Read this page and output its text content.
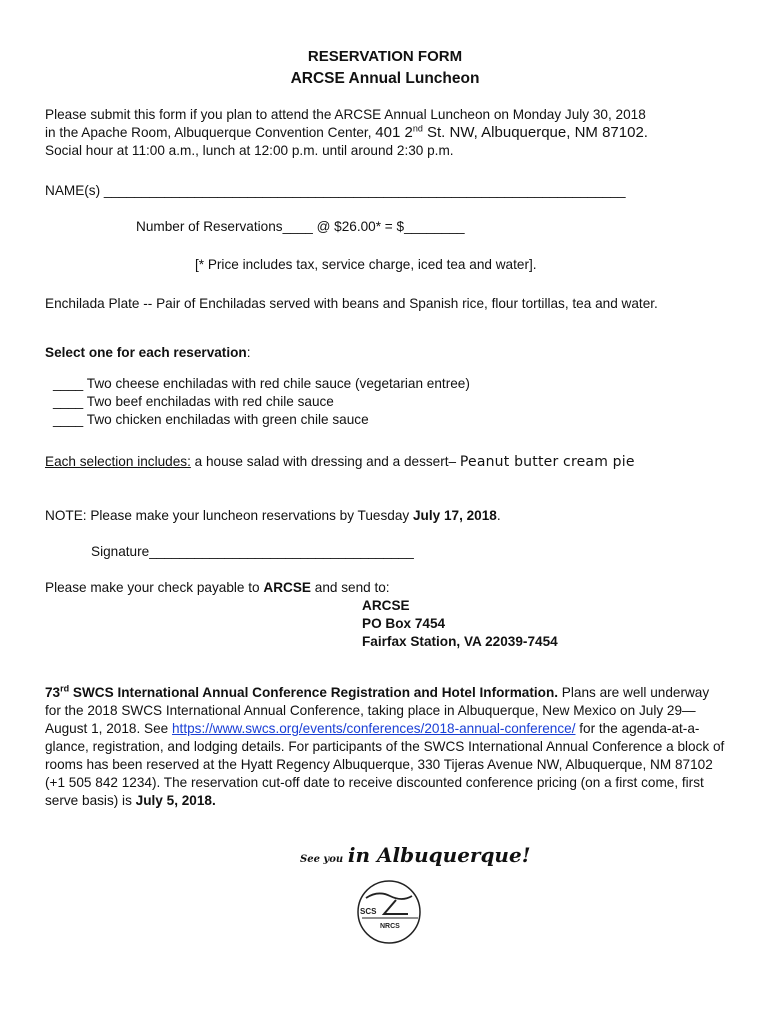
RESERVATION FORM
ARCSE Annual Luncheon
Please submit this form if you plan to attend the ARCSE Annual Luncheon on Monday July 30, 2018
in the Apache Room, Albuquerque Convention Center, 401 2nd St. NW, Albuquerque, NM 87102.
Social hour at 11:00 a.m., lunch at 12:00 p.m. until around 2:30 p.m.
NAME(s) _____________________________________________________________________
Number of Reservations____ @ $26.00* = $________
[* Price includes tax, service charge, iced tea and water].
Enchilada Plate -- Pair of Enchiladas served with beans and Spanish rice, flour tortillas, tea and water.
Select one for each reservation:
____ Two cheese enchiladas with red chile sauce (vegetarian entree)
____ Two beef enchiladas with red chile sauce
____ Two chicken enchiladas with green chile sauce
Each selection includes: a house salad with dressing and a dessert– Peanut butter cream pie
NOTE: Please make your luncheon reservations by Tuesday July 17, 2018.
Signature___________________________________
Please make your check payable to ARCSE and send to:
ARCSE
PO Box 7454
Fairfax Station, VA 22039-7454
73rd SWCS International Annual Conference Registration and Hotel Information. Plans are well underway for the 2018 SWCS International Annual Conference, taking place in Albuquerque, New Mexico on July 29—August 1, 2018. See https://www.swcs.org/events/conferences/2018-annual-conference/ for the agenda-at-a-glance, registration, and lodging details. For participants of the SWCS International Annual Conference a block of rooms has been reserved at the Hyatt Regency Albuquerque, 330 Tijeras Avenue NW, Albuquerque, NM 87102 (+1 505 842 1234). The reservation cut-off date to receive discounted conference pricing (on a first come, first serve basis) is July 5, 2018.
See you in Albuquerque!
SCS
NRCS
